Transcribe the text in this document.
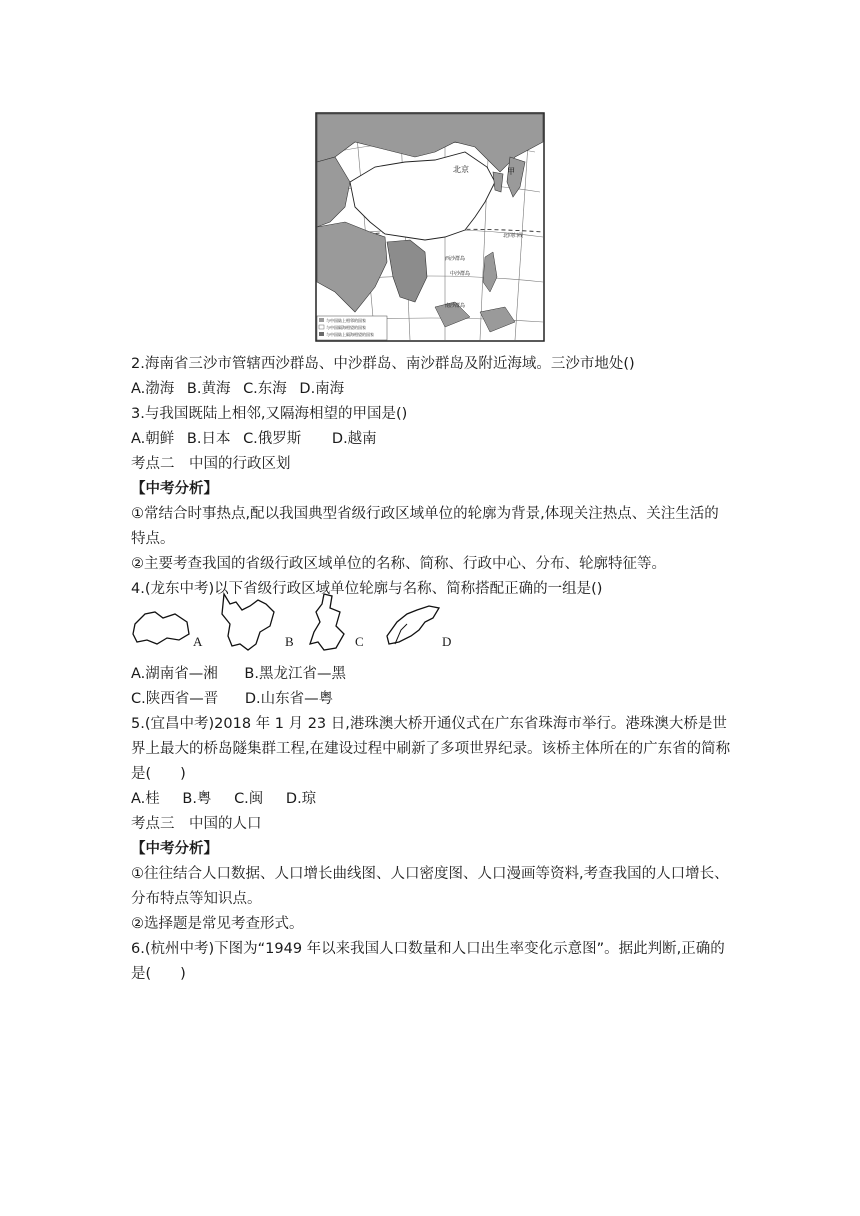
北京	甲
北回归线
西沙群岛
中沙群岛
南沙群岛
与中国陆上相邻的国家
与中国隔海相望的国家
与中国陆上隔海相望的国家
2.海南省三沙市管辖西沙群岛、中沙群岛、南沙群岛及附近海域。三沙市地处()
A.渤海 B.黄海 C.东海 D.南海
3.与我国既陆上相邻,又隔海相望的甲国是()
A.朝鲜 B.日本 C.俄罗斯 D.越南
考点二　中国的行政区划
【中考分析】
①常结合时事热点,配以我国典型省级行政区域单位的轮廓为背景,体现关注热点、关注生活的特点。
②主要考查我国的省级行政区域单位的名称、简称、行政中心、分布、轮廓特征等。
4.(龙东中考)以下省级行政区域单位轮廓与名称、简称搭配正确的一组是()
A	B	C	D
A.湖南省—湘 B.黑龙江省—黑
C.陕西省—晋 D.山东省—粤
5.(宜昌中考)2018 年 1 月 23 日,港珠澳大桥开通仪式在广东省珠海市举行。港珠澳大桥是世界上最大的桥岛隧集群工程,在建设过程中刷新了多项世界纪录。该桥主体所在的广东省的简称是(　　)
A.桂 B.粤 C.闽 D.琼
考点三　中国的人口
【中考分析】
①往往结合人口数据、人口增长曲线图、人口密度图、人口漫画等资料,考查我国的人口增长、分布特点等知识点。
②选择题是常见考查形式。
6.(杭州中考)下图为“1949 年以来我国人口数量和人口出生率变化示意图”。据此判断,正确的是(　　)
